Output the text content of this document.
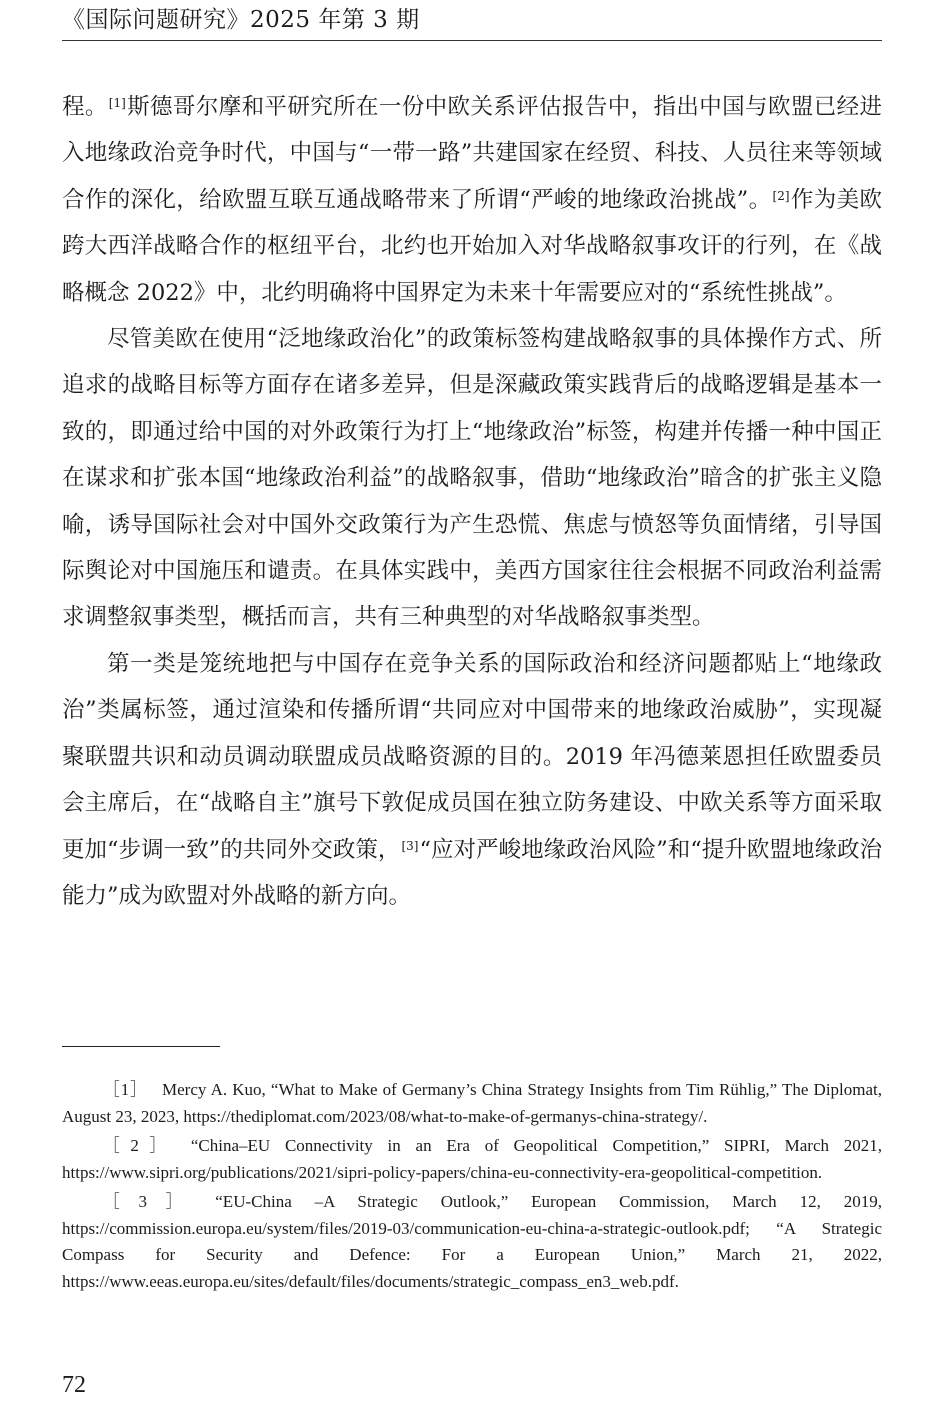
《国际问题研究》2025 年第 3 期

程。[1]斯德哥尔摩和平研究所在一份中欧关系评估报告中，指出中国与欧盟已经进入地缘政治竞争时代，中国与“一带一路”共建国家在经贸、科技、人员往来等领域合作的深化，给欧盟互联互通战略带来了所谓“严峻的地缘政治挑战”。[2]作为美欧跨大西洋战略合作的枢纽平台，北约也开始加入对华战略叙事攻讦的行列，在《战略概念 2022》中，北约明确将中国界定为未来十年需要应对的“系统性挑战”。

尽管美欧在使用“泛地缘政治化”的政策标签构建战略叙事的具体操作方式、所追求的战略目标等方面存在诸多差异，但是深藏政策实践背后的战略逻辑是基本一致的，即通过给中国的对外政策行为打上“地缘政治”标签，构建并传播一种中国正在谋求和扩张本国“地缘政治利益”的战略叙事，借助“地缘政治”暗含的扩张主义隐喻，诱导国际社会对中国外交政策行为产生恐慌、焦虑与愤怒等负面情绪，引导国际舆论对中国施压和谴责。在具体实践中，美西方国家往往会根据不同政治利益需求调整叙事类型，概括而言，共有三种典型的对华战略叙事类型。

第一类是笼统地把与中国存在竞争关系的国际政治和经济问题都贴上“地缘政治”类属标签，通过渲染和传播所谓“共同应对中国带来的地缘政治威胁”，实现凝聚联盟共识和动员调动联盟成员战略资源的目的。2019 年冯德莱恩担任欧盟委员会主席后，在“战略自主”旗号下敦促成员国在独立防务建设、中欧关系等方面采取更加“步调一致”的共同外交政策，[3]“应对严峻地缘政治风险”和“提升欧盟地缘政治能力”成为欧盟对外战略的新方向。

［1］ Mercy A. Kuo, “What to Make of Germany’s China Strategy Insights from Tim Rühlig,” The Diplomat, August 23, 2023, https://thediplomat.com/2023/08/what-to-make-of-germanys-china-strategy/.

［2］ “China–EU Connectivity in an Era of Geopolitical Competition,” SIPRI, March 2021, https://www.sipri.org/publications/2021/sipri-policy-papers/china-eu-connectivity-era-geopolitical-competition.

［3］ “EU-China –A Strategic Outlook,” European Commission, March 12, 2019, https://commission.europa.eu/system/files/2019-03/communication-eu-china-a-strategic-outlook.pdf; “A Strategic Compass for Security and Defence: For a European Union,” March 21, 2022, https://www.eeas.europa.eu/sites/default/files/documents/strategic_compass_en3_web.pdf.

72
